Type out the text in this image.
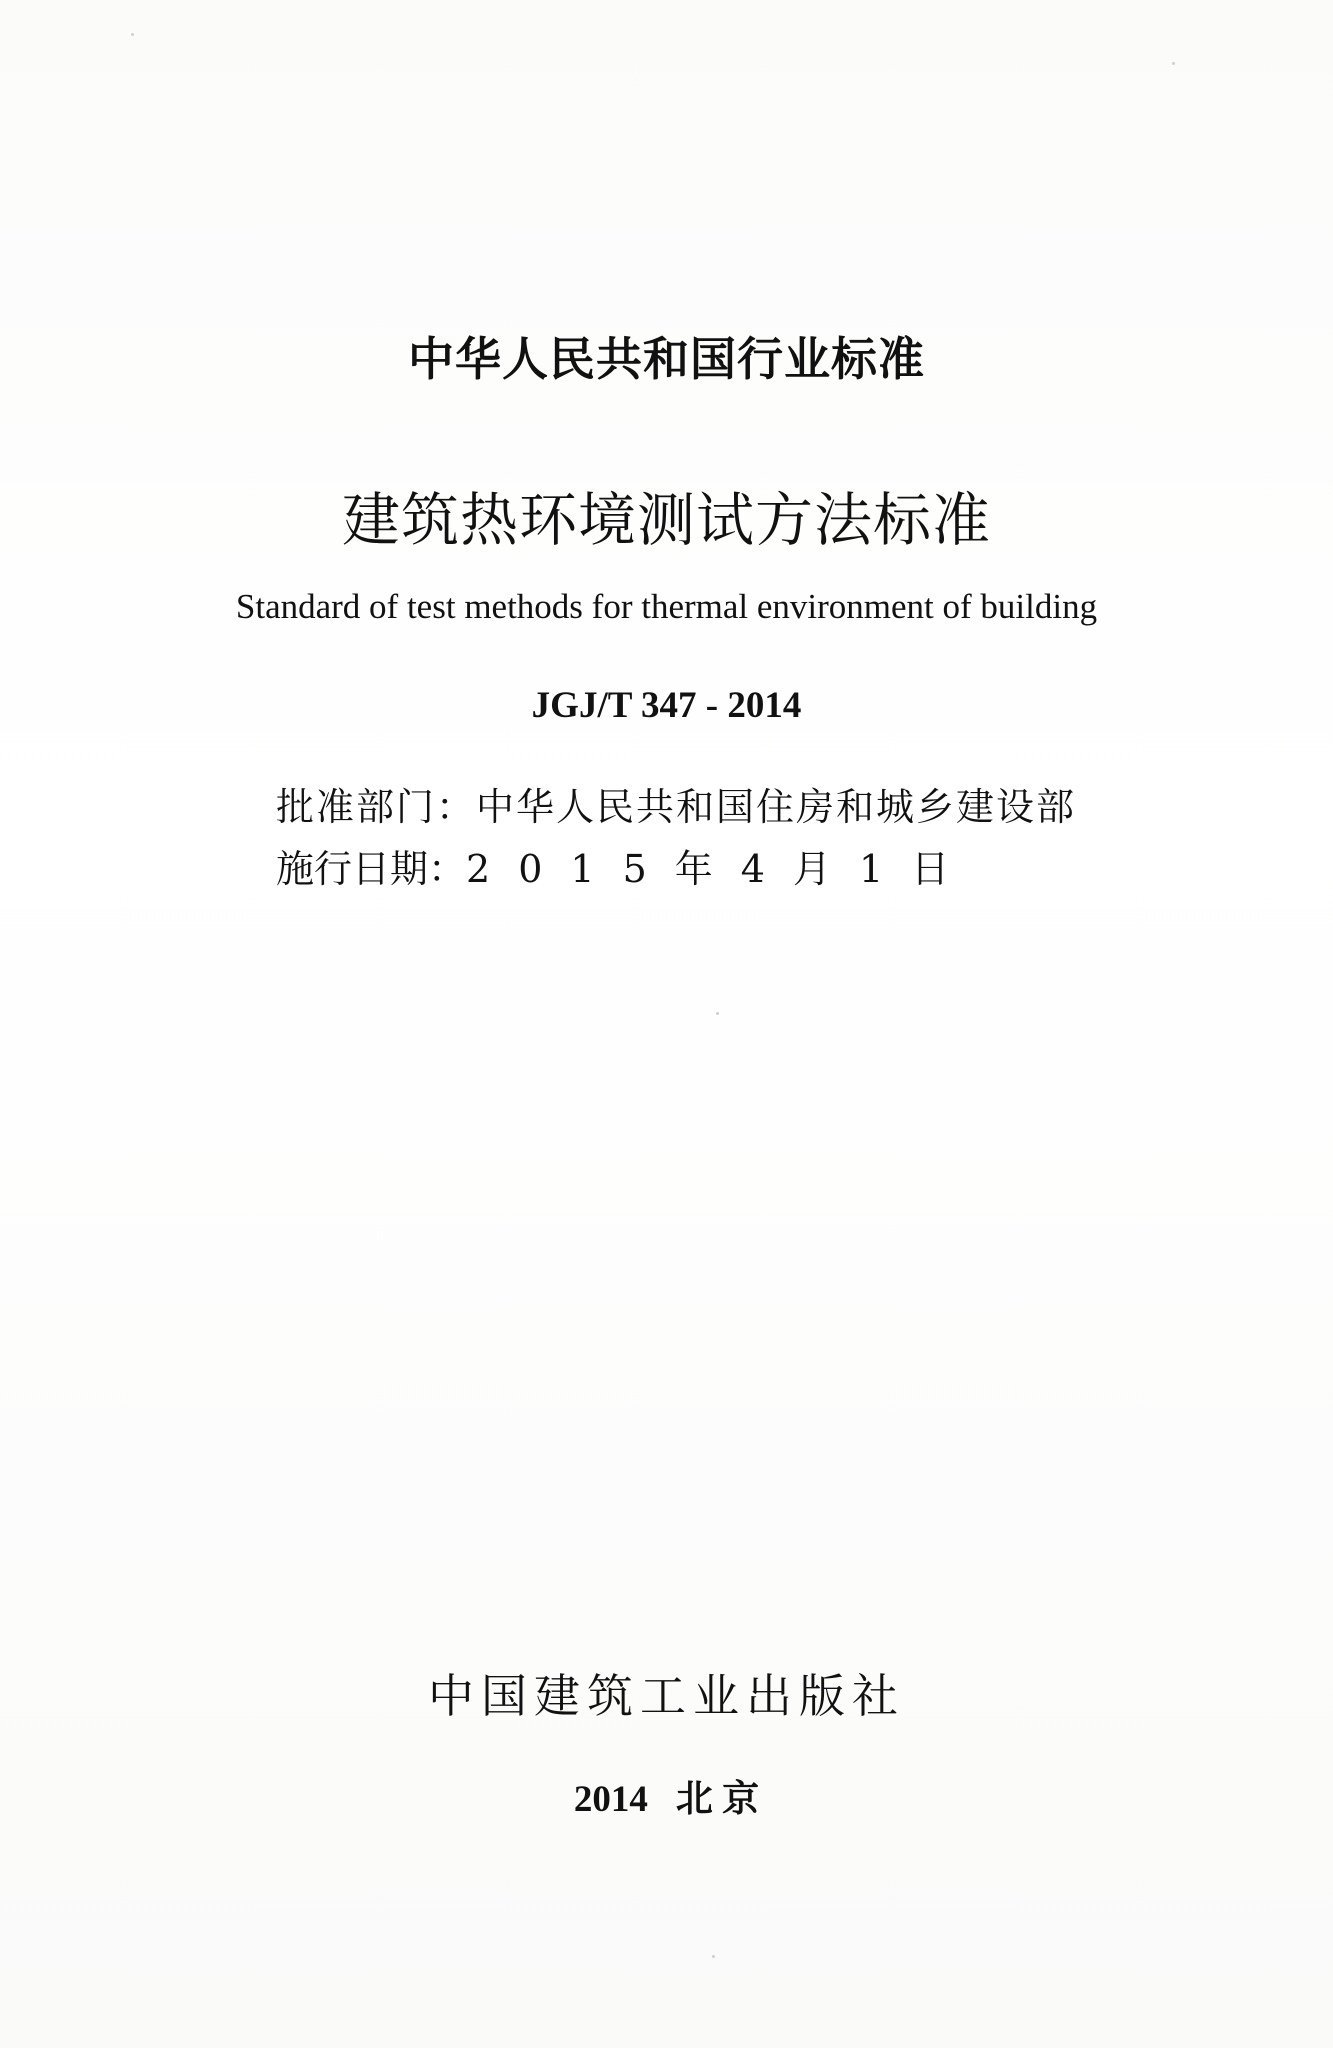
中华人民共和国行业标准
建筑热环境测试方法标准
Standard of test methods for thermal environment of building
JGJ/T 347 - 2014
批准部门：中华人民共和国住房和城乡建设部
施行日期：2 0 1 5 年 4 月 1 日
中国建筑工业出版社
2014 北 京
